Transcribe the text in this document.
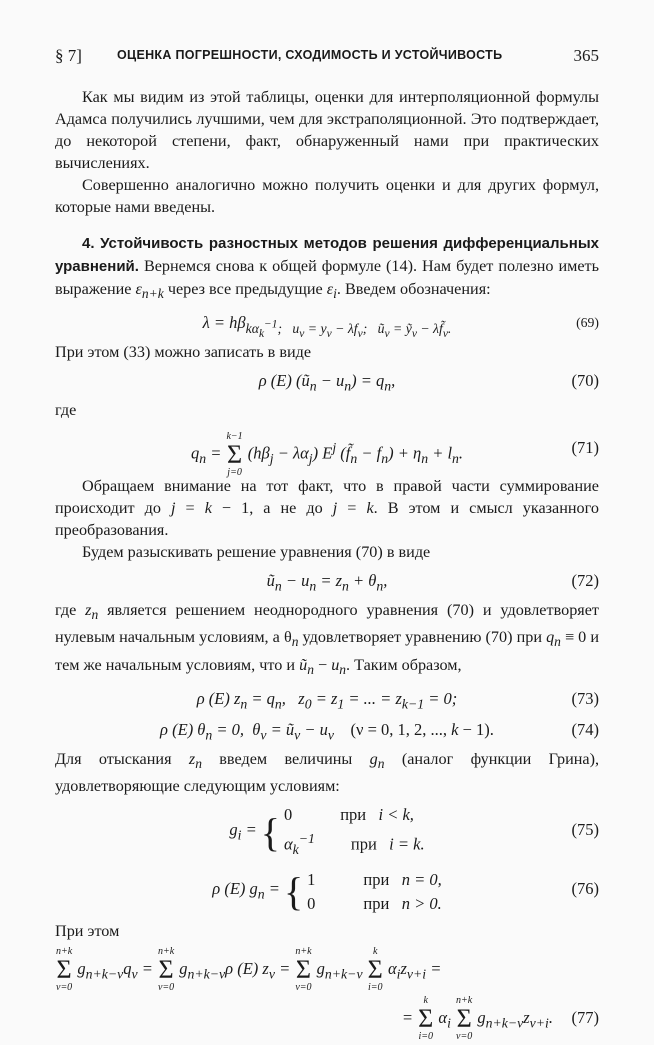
§ 7]	ОЦЕНКА ПОГРЕШНОСТИ, СХОДИМОСТЬ И УСТОЙЧИВОСТЬ	365

Как мы видим из этой таблицы, оценки для интерполяционной формулы Адамса получились лучшими, чем для экстраполяционной. Это подтверждает, до некоторой степени, факт, обнаруженный нами при практических вычислениях.

Совершенно аналогично можно получить оценки и для других формул, которые нами введены.

4. Устойчивость разностных методов решения дифференциальных уравнений. Вернемся снова к общей формуле (14). Нам будет полезно иметь выражение $\varepsilon_{n+k}$ через все предыдущие $\varepsilon_i$. Введем обозначения:

$\lambda = h\beta_{k\alpha_k^{-1}; u_\nu = y_\nu - \lambda f_\nu; ũ_\nu = ỹ_\nu - \lambda f̃_\nu. (69)}$

При этом (33) можно записать в виде

ρ (E) $(ũ_n - u_n) = q_n$,	(70)

где

$q_n$ =
k−1
Σ
j=0
$(h\beta_j - \lambda\alpha_j)$ $E^j$ $(f̃_n - f_n) + \eta_n + l_n$.	(71)

Обращаем внимание на тот факт, что в правой части суммирование происходит до j = k − 1, а не до j = k. В этом и смысл указанного преобразования.

Будем разыскивать решение уравнения (70) в виде

$ũ_n - u_n = z_n + \theta_n$,	(72)

где $z_n$ является решением неоднородного уравнения (70) и удовлетворяет нулевым начальным условиям, а $\theta_n$ удовлетворяет уравнению (70) при $q_n \equiv 0$ и тем же начальным условиям, что и $ũ_n - u_n$. Таким образом,

ρ (E) $z_n = q_n$,   $z_0 = z_1$ = ... = $z_{k-1} = 0$;	(73)
ρ (E) $\theta_n = 0$,  $\theta_\nu$ = $ũ_\nu - u_\nu$ (ν = 0, 1, 2, ..., k − 1).	(74)

Для отыскания $z_n$ введем величины $g_n$ (аналог функции Грина), удовлетворяющие следующим условиям:

$g_i$ = { 0	при i < k,
$\alpha_k^{-1}$ при i = k.
(75)
ρ (E) $g_n$ = { 1	при n = 0,
0	при n > 0.
(76)

При этом

n+k
Σ
ν=0
$g_{n+k-\nu}q_\nu$ =
n+k
Σ
ν=0
$g_{n+k-\nu}\rho$ (E) $z_\nu$ =
n+k
Σ
ν=0
$g_{n+k-\nu}$
k
Σ
i=0
$\alpha_iz_{\nu+i}$ =
=
k
Σ
i=0
$\alpha_i$
n+k
Σ
ν=0
$g_{n+k-\nu}z_{\nu+i}$. (77)
